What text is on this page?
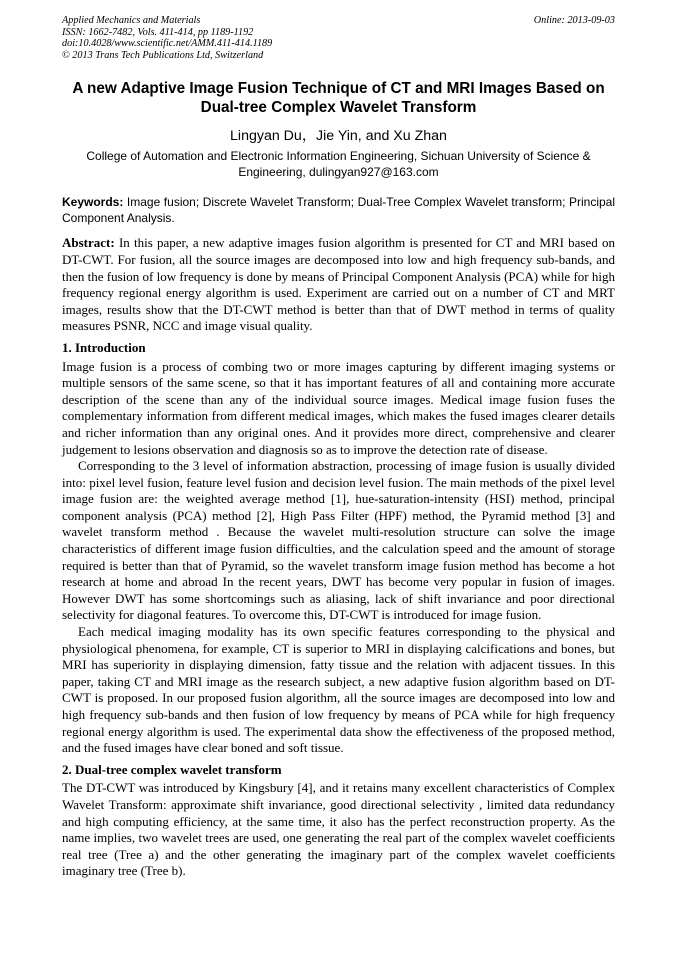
Applied Mechanics and Materials
ISSN: 1662-7482, Vols. 411-414, pp 1189-1192
doi:10.4028/www.scientific.net/AMM.411-414.1189
© 2013 Trans Tech Publications Ltd, Switzerland
Online: 2013-09-03
A new Adaptive Image Fusion Technique of CT and MRI Images Based on Dual-tree Complex Wavelet Transform
Lingyan Du，Jie Yin, and Xu Zhan
College of Automation and Electronic Information Engineering, Sichuan University of Science & Engineering, dulingyan927@163.com
Keywords: Image fusion; Discrete Wavelet Transform; Dual-Tree Complex Wavelet transform; Principal Component Analysis.

Abstract: In this paper, a new adaptive images fusion algorithm is presented for CT and MRI based on DT-CWT. For fusion, all the source images are decomposed into low and high frequency sub-bands, and then the fusion of low frequency is done by means of Principal Component Analysis (PCA) while for high frequency regional energy algorithm is used. Experiment are carried out on a number of CT and MRT images, results show that the DT-CWT method is better than that of DWT method in terms of quality measures PSNR, NCC and image visual quality.

1. Introduction

Image fusion is a process of combing two or more images capturing by different imaging systems or multiple sensors of the same scene, so that it has important features of all and containing more accurate description of the scene than any of the individual source images. Medical image fusion fuses the complementary information from different medical images, which makes the fused images clearer details and richer information than any original ones. And it provides more direct, comprehensive and clearer judgement to lesions observation and diagnosis so as to improve the detection rate of disease.

Corresponding to the 3 level of information abstraction, processing of image fusion is usually divided into: pixel level fusion, feature level fusion and decision level fusion. The main methods of the pixel level image fusion are: the weighted average method [1], hue-saturation-intensity (HSI) method, principal component analysis (PCA) method [2], High Pass Filter (HPF) method, the Pyramid method [3] and wavelet transform method . Because the wavelet multi-resolution structure can solve the image characteristics of different image fusion difficulties, and the calculation speed and the amount of storage required is better than that of Pyramid, so the wavelet transform image fusion method has become a hot research at home and abroad In the recent years, DWT has become very popular in fusion of images. However DWT has some shortcomings such as aliasing, lack of shift invariance and poor directional selectivity for diagonal features. To overcome this, DT-CWT is introduced for image fusion.

Each medical imaging modality has its own specific features corresponding to the physical and physiological phenomena, for example, CT is superior to MRI in displaying calcifications and bones, but MRI has superiority in displaying dimension, fatty tissue and the relation with adjacent tissues. In this paper, taking CT and MRI image as the research subject, a new adaptive fusion algorithm based on DT-CWT is proposed. In our proposed fusion algorithm, all the source images are decomposed into low and high frequency sub-bands and then fusion of low frequency by means of PCA while for high frequency regional energy algorithm is used. The experimental data show the effectiveness of the proposed method, and the fused images have clear boned and soft tissue.

2. Dual-tree complex wavelet transform

The DT-CWT was introduced by Kingsbury [4], and it retains many excellent characteristics of Complex Wavelet Transform: approximate shift invariance, good directional selectivity , limited data redundancy and high computing efficiency, at the same time, it also has the perfect reconstruction property. As the name implies, two wavelet trees are used, one generating the real part of the complex wavelet coefficients real tree (Tree a) and the other generating the imaginary part of the complex wavelet coefficients imaginary tree (Tree b).
